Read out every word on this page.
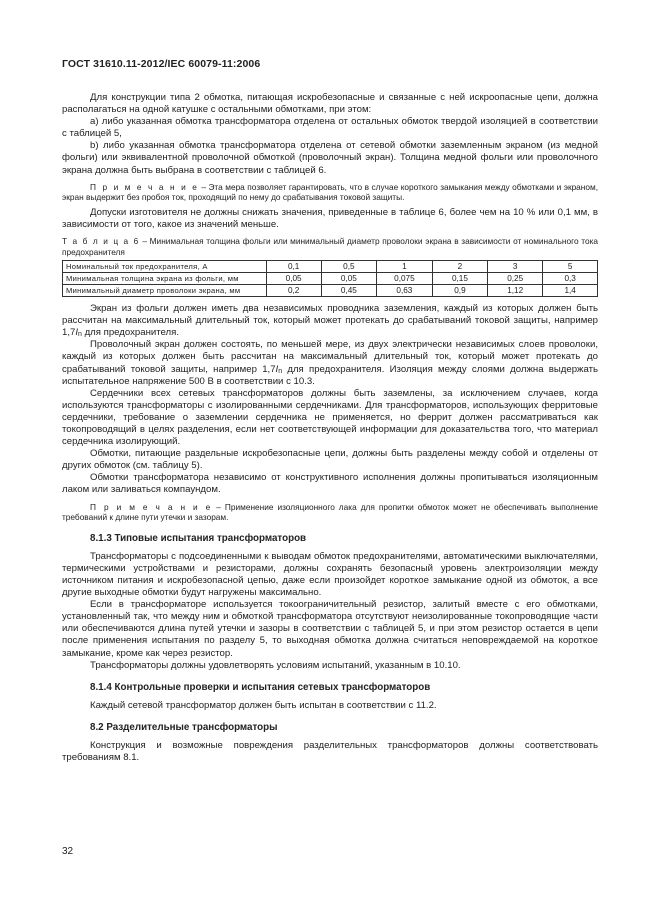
ГОСТ 31610.11-2012/IEC 60079-11:2006

Для конструкции типа 2 обмотка, питающая искробезопасные и связанные с ней искроопасные цепи, должна располагаться на одной катушке с остальными обмотками, при этом:

a) либо указанная обмотка трансформатора отделена от остальных обмоток твердой изоляцией в соответствии с таблицей 5,

b) либо указанная обмотка трансформатора отделена от сетевой обмотки заземленным экраном (из медной фольги) или эквивалентной проволочной обмоткой (проволочный экран). Толщина медной фольги или проволочного экрана должна быть выбрана в соответствии с таблицей 6.

П р и м е ч а н и е – Эта мера позволяет гарантировать, что в случае короткого замыкания между обмотками и экраном, экран выдержит без пробоя ток, проходящий по нему до срабатывания токовой защиты.

Допуски изготовителя не должны снижать значения, приведенные в таблице 6, более чем на 10 % или 0,1 мм, в зависимости от того, какое из значений меньше.

Т а б л и ц а 6 – Минимальная толщина фольги или минимальный диаметр проволоки экрана в зависимости от номинального тока предохранителя

Номинальный ток предохранителя, А	0,1	0,5	1	2	3	5
Минимальная толщина экрана из фольги, мм	0,05	0,05	0,075	0,15	0,25	0,3
Минимальный диаметр проволоки экрана, мм	0,2	0,45	0,63	0,9	1,12	1,4

Экран из фольги должен иметь два независимых проводника заземления, каждый из которых должен быть рассчитан на максимальный длительный ток, который может протекать до срабатываний токовой защиты, например $1,7I_n$ для предохранителя.

Проволочный экран должен состоять, по меньшей мере, из двух электрически независимых слоев проволоки, каждый из которых должен быть рассчитан на максимальный длительный ток, который может протекать до срабатываний токовой защиты, например $1,7I_n$ для предохранителя. Изоляция между слоями должна выдержать испытательное напряжение 500 В в соответствии с 10.3.

Сердечники всех сетевых трансформаторов должны быть заземлены, за исключением случаев, когда используются трансформаторы с изолированными сердечниками. Для трансформаторов, использующих ферритовые сердечники, требование о заземлении сердечника не применяется, но феррит должен рассматриваться как токопроводящий в целях разделения, если нет соответствующей информации для доказательства того, что материал сердечника изолирующий.

Обмотки, питающие раздельные искробезопасные цепи, должны быть разделены между собой и отделены от других обмоток (см. таблицу 5).

Обмотки трансформатора независимо от конструктивного исполнения должны пропитываться изоляционным лаком или заливаться компаундом.

П р и м е ч а н и е – Применение изоляционного лака для пропитки обмоток может не обеспечивать выполнение требований к длине пути утечки и зазорам.

8.1.3 Типовые испытания трансформаторов

Трансформаторы с подсоединенными к выводам обмоток предохранителями, автоматическими выключателями, термическими устройствами и резисторами, должны сохранять безопасный уровень электроизоляции между источником питания и искробезопасной цепью, даже если произойдет короткое замыкание одной из обмоток, а все другие выходные обмотки будут нагружены максимально.

Если в трансформаторе используется токоограничительный резистор, залитый вместе с его обмотками, установленный так, что между ним и обмоткой трансформатора отсутствуют неизолированные токопроводящие части или обеспечиваются длина путей утечки и зазоры в соответствии с таблицей 5, и при этом резистор остается в цепи после применения испытания по разделу 5, то выходная обмотка должна считаться неповреждаемой на короткое замыкание, кроме как через резистор.

Трансформаторы должны удовлетворять условиям испытаний, указанным в 10.10.

8.1.4 Контрольные проверки и испытания сетевых трансформаторов

Каждый сетевой трансформатор должен быть испытан в соответствии с 11.2.

8.2 Разделительные трансформаторы

Конструкция и возможные повреждения разделительных трансформаторов должны соответствовать требованиям 8.1.

32
